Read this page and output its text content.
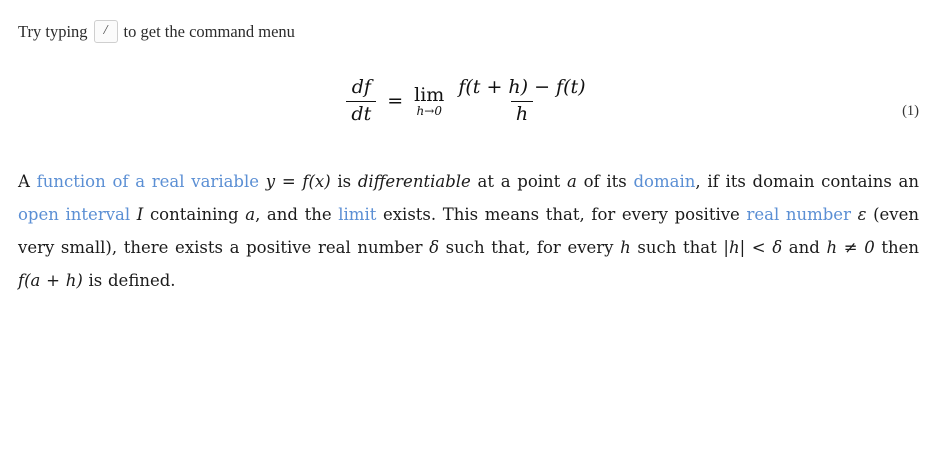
Try typing	/ to get the command menu
$\frac{df}{dt} = \lim$
$h\to 0 \frac{f(t + h) - f(t)}{h}$	(1)
A function of a real variable y = f(x) is differentiable at a point a of its domain, if its domain contains an open interval I containing a, and the limit exists. This means that, for every positive real number ε (even very small), there exists a positive real number δ such that, for every h such that |h| < δ and h ≠ 0 then f(a + h) is defined.
